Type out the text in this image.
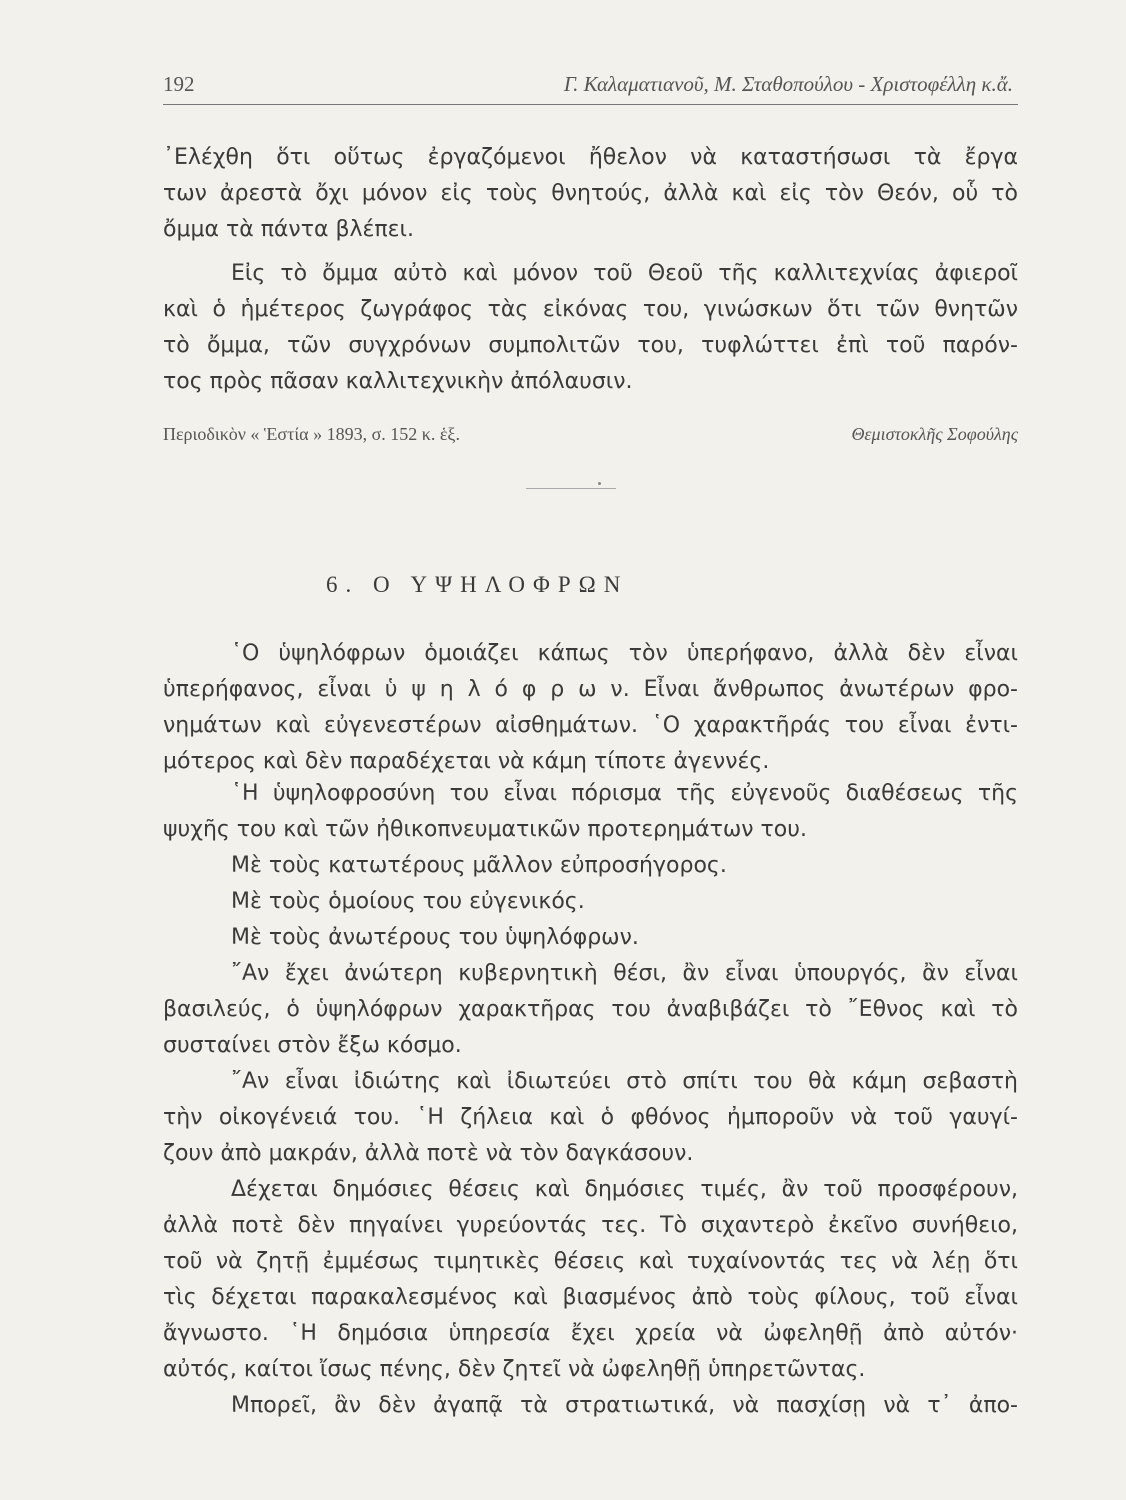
192	Γ. Καλαματιανοῦ, Μ. Σταθοπούλου - Χριστοφέλλη κ.ἄ.

᾿Ελέχθη ὅτι οὕτως ἐργαζόμενοι ἤθελον νὰ καταστήσωσι τὰ ἔργα
των ἀρεστὰ ὄχι μόνον εἰς τοὺς θνητούς, ἀλλὰ καὶ εἰς τὸν Θεόν, οὗ τὸ
ὄμμα τὰ πάντα βλέπει.

Εἰς τὸ ὄμμα αὐτὸ καὶ μόνον τοῦ Θεοῦ τῆς καλλιτεχνίας ἀφιεροῖ
καὶ ὁ ἡμέτερος ζωγράφος τὰς εἰκόνας του, γινώσκων ὅτι τῶν θνητῶν
τὸ ὄμμα, τῶν συγχρόνων συμπολιτῶν του, τυφλώττει ἐπὶ τοῦ παρόν-
τος πρὸς πᾶσαν καλλιτεχνικὴν ἀπόλαυσιν.

Περιοδικὸν « Ἑστία » 1893, σ. 152 κ. ἑξ.	Θεμιστοκλῆς Σοφούλης
6. Ο ΥΨΗΛΟΦΡΩΝ

῾Ο ὑψηλόφρων ὁμοιάζει κάπως τὸν ὑπερήφανο, ἀλλὰ δὲν εἶναι
ὑπερήφανος, εἶναι ὑ ψ η λ ό φ ρ ω ν. Εἶναι ἄνθρωπος ἀνωτέρων φρο-
νημάτων καὶ εὐγενεστέρων αἰσθημάτων. ῾Ο χαρακτῆράς του εἶναι ἐντι-
μότερος καὶ δὲν παραδέχεται νὰ κάμη τίποτε ἀγεννές.

῾Η ὑψηλοφροσύνη του εἶναι πόρισμα τῆς εὐγενοῦς διαθέσεως τῆς
ψυχῆς του καὶ τῶν ἠθικοπνευματικῶν προτερημάτων του.

Μὲ τοὺς κατωτέρους μᾶλλον εὐπροσήγορος.
Μὲ τοὺς ὁμοίους του εὐγενικός.
Μὲ τοὺς ἀνωτέρους του ὑψηλόφρων.

῎Αν ἔχει ἀνώτερη κυβερνητικὴ θέσι, ἂν εἶναι ὑπουργός, ἂν εἶναι
βασιλεύς, ὁ ὑψηλόφρων χαρακτῆρας του ἀναβιβάζει τὸ ῎Εθνος καὶ τὸ
συσταίνει στὸν ἔξω κόσμο.

῎Αν εἶναι ἰδιώτης καὶ ἰδιωτεύει στὸ σπίτι του θὰ κάμη σεβαστὴ
τὴν οἰκογένειά του. ῾Η ζήλεια καὶ ὁ φθόνος ἠμποροῦν νὰ τοῦ γαυγί-
ζουν ἀπὸ μακράν, ἀλλὰ ποτὲ νὰ τὸν δαγκάσουν.

Δέχεται δημόσιες θέσεις καὶ δημόσιες τιμές, ἂν τοῦ προσφέρουν,
ἀλλὰ ποτὲ δὲν πηγαίνει γυρεύοντάς τες. Τὸ σιχαντερὸ ἐκεῖνο συνήθειο,
τοῦ νὰ ζητῇ ἐμμέσως τιμητικὲς θέσεις καὶ τυχαίνοντάς τες νὰ λέῃ ὅτι
τὶς δέχεται παρακαλεσμένος καὶ βιασμένος ἀπὸ τοὺς φίλους, τοῦ εἶναι
ἄγνωστο. ῾Η δημόσια ὑπηρεσία ἔχει χρεία νὰ ὠφεληθῇ ἀπὸ αὐτόν·
αὐτός, καίτοι ἴσως πένης, δὲν ζητεῖ νὰ ὠφεληθῇ ὑπηρετῶντας.

Μπορεῖ, ἂν δὲν ἀγαπᾷ τὰ στρατιωτικά, νὰ πασχίσῃ νὰ τ᾿ ἀπο-
